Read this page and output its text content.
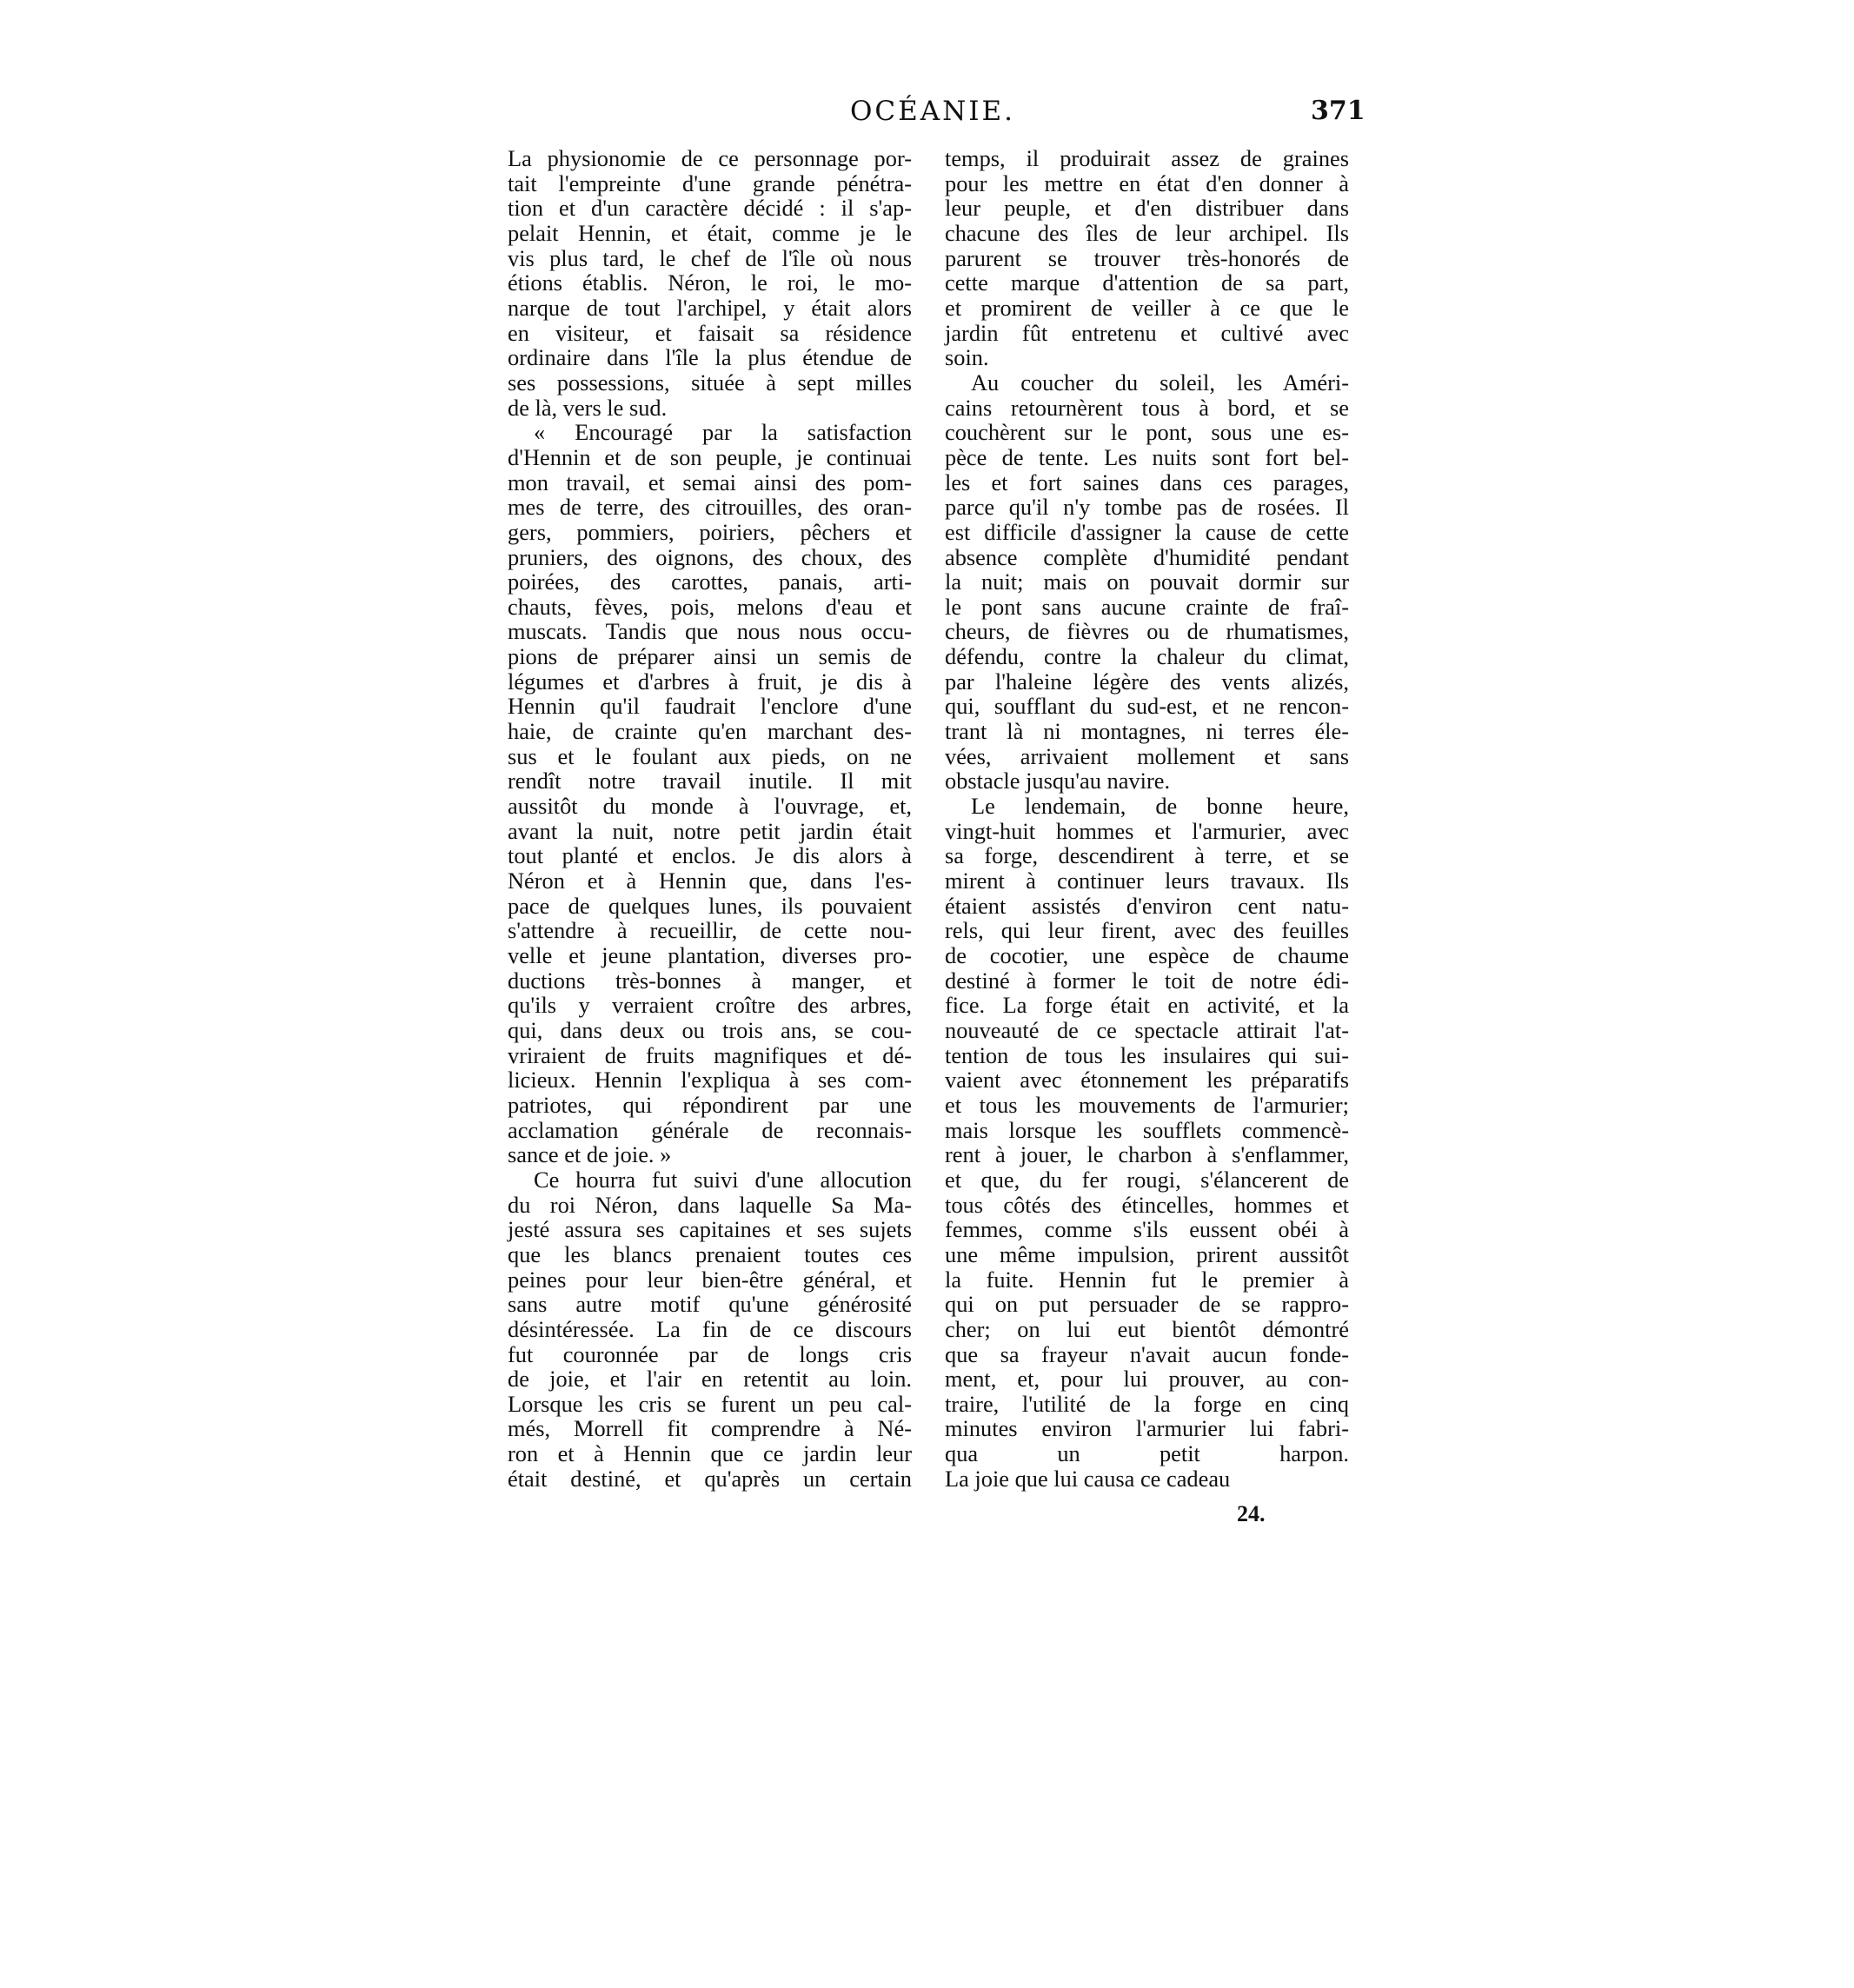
OCÉANIE.	371

La physionomie de ce personnage por-

tait l'empreinte d'une grande pénétra-

tion et d'un caractère décidé : il s'ap-

pelait Hennin, et était, comme je le

vis plus tard, le chef de l'île où nous

étions établis. Néron, le roi, le mo-

narque de tout l'archipel, y était alors

en visiteur, et faisait sa résidence

ordinaire dans l'île la plus étendue de

ses possessions, située à sept milles

de là, vers le sud.

« Encouragé par la satisfaction

d'Hennin et de son peuple, je continuai

mon travail, et semai ainsi des pom-

mes de terre, des citrouilles, des oran-

gers, pommiers, poiriers, pêchers et

pruniers, des oignons, des choux, des

poirées, des carottes, panais, arti-

chauts, fèves, pois, melons d'eau et

muscats. Tandis que nous nous occu-

pions de préparer ainsi un semis de

légumes et d'arbres à fruit, je dis à

Hennin qu'il faudrait l'enclore d'une

haie, de crainte qu'en marchant des-

sus et le foulant aux pieds, on ne

rendît notre travail inutile. Il mit

aussitôt du monde à l'ouvrage, et,

avant la nuit, notre petit jardin était

tout planté et enclos. Je dis alors à

Néron et à Hennin que, dans l'es-

pace de quelques lunes, ils pouvaient

s'attendre à recueillir, de cette nou-

velle et jeune plantation, diverses pro-

ductions très-bonnes à manger, et

qu'ils y verraient croître des arbres,

qui, dans deux ou trois ans, se cou-

vriraient de fruits magnifiques et dé-

licieux. Hennin l'expliqua à ses com-

patriotes, qui répondirent par une

acclamation générale de reconnais-

sance et de joie. »

Ce hourra fut suivi d'une allocution

du roi Néron, dans laquelle Sa Ma-

jesté assura ses capitaines et ses sujets

que les blancs prenaient toutes ces

peines pour leur bien-être général, et

sans autre motif qu'une générosité

désintéressée. La fin de ce discours

fut couronnée par de longs cris

de joie, et l'air en retentit au loin.

Lorsque les cris se furent un peu cal-

més, Morrell fit comprendre à Né-

ron et à Hennin que ce jardin leur

était destiné, et qu'après un certain

temps, il produirait assez de graines

pour les mettre en état d'en donner à

leur peuple, et d'en distribuer dans

chacune des îles de leur archipel. Ils

parurent se trouver très-honorés de

cette marque d'attention de sa part,

et promirent de veiller à ce que le

jardin fût entretenu et cultivé avec

soin.

Au coucher du soleil, les Améri-

cains retournèrent tous à bord, et se

couchèrent sur le pont, sous une es-

pèce de tente. Les nuits sont fort bel-

les et fort saines dans ces parages,

parce qu'il n'y tombe pas de rosées. Il

est difficile d'assigner la cause de cette

absence complète d'humidité pendant

la nuit; mais on pouvait dormir sur

le pont sans aucune crainte de fraî-

cheurs, de fièvres ou de rhumatismes,

défendu, contre la chaleur du climat,

par l'haleine légère des vents alizés,

qui, soufflant du sud-est, et ne rencon-

trant là ni montagnes, ni terres éle-

vées, arrivaient mollement et sans

obstacle jusqu'au navire.

Le lendemain, de bonne heure,

vingt-huit hommes et l'armurier, avec

sa forge, descendirent à terre, et se

mirent à continuer leurs travaux. Ils

étaient assistés d'environ cent natu-

rels, qui leur firent, avec des feuilles

de cocotier, une espèce de chaume

destiné à former le toit de notre édi-

fice. La forge était en activité, et la

nouveauté de ce spectacle attirait l'at-

tention de tous les insulaires qui sui-

vaient avec étonnement les préparatifs

et tous les mouvements de l'armurier;

mais lorsque les soufflets commencè-

rent à jouer, le charbon à s'enflammer,

et que, du fer rougi, s'élancerent de

tous côtés des étincelles, hommes et

femmes, comme s'ils eussent obéi à

une même impulsion, prirent aussitôt

la fuite. Hennin fut le premier à

qui on put persuader de se rappro-

cher; on lui eut bientôt démontré

que sa frayeur n'avait aucun fonde-

ment, et, pour lui prouver, au con-

traire, l'utilité de la forge en cinq

minutes environ l'armurier lui fabri-

qua un petit harpon.

La joie que lui causa ce cadeau

24.
